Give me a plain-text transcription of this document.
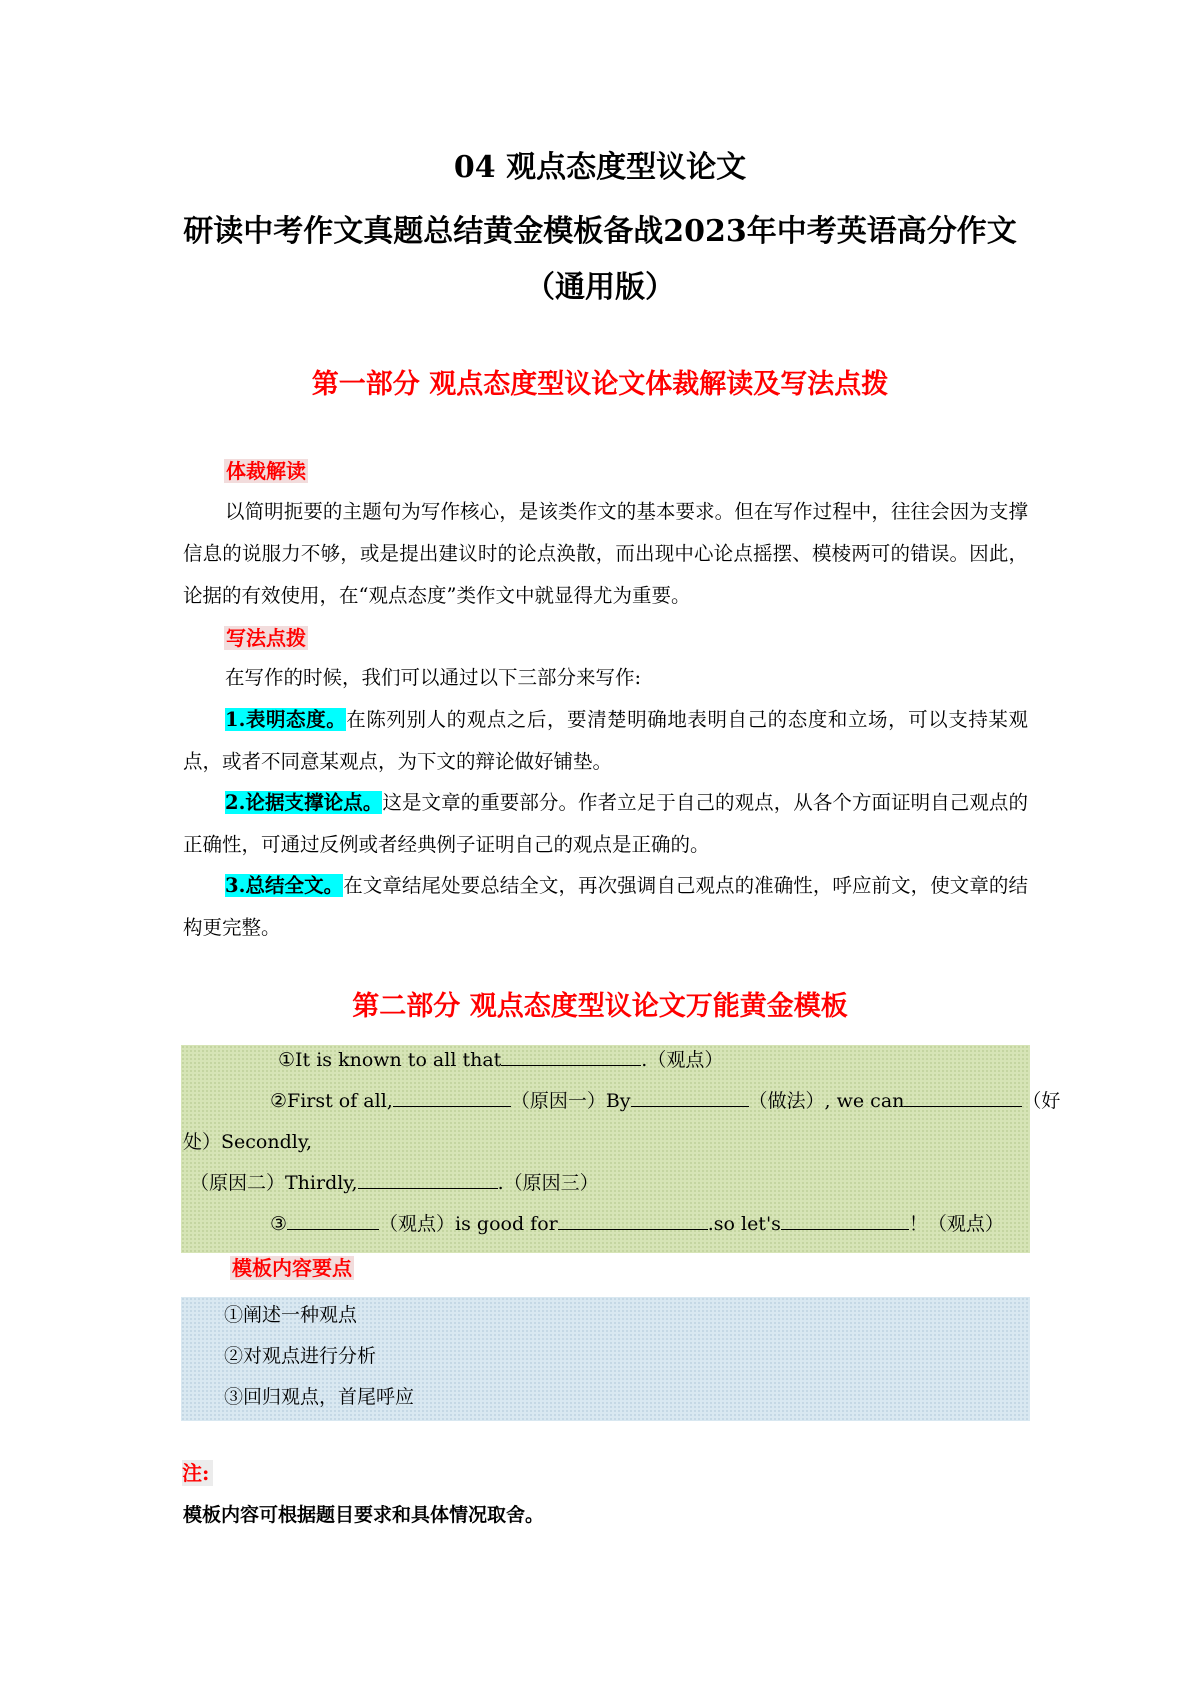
04 观点态度型议论文
研读中考作文真题总结黄金模板备战2023年中考英语高分作文
（通用版）
第一部分 观点态度型议论文体裁解读及写法点拨
体裁解读
以简明扼要的主题句为写作核心，是该类作文的基本要求。但在写作过程中，往往会因为支撑信息的说服力不够，或是提出建议时的论点涣散，而出现中心论点摇摆、模棱两可的错误。因此，论据的有效使用，在“观点态度”类作文中就显得尤为重要。
写法点拨
在写作的时候，我们可以通过以下三部分来写作:
1.表明态度。在陈列别人的观点之后，要清楚明确地表明自己的态度和立场，可以支持某观点，或者不同意某观点，为下文的辩论做好铺垫。
2.论据支撑论点。这是文章的重要部分。作者立足于自己的观点，从各个方面证明自己观点的正确性，可通过反例或者经典例子证明自己的观点是正确的。
3.总结全文。在文章结尾处要总结全文，再次强调自己观点的准确性，呼应前文，使文章的结构更完整。
第二部分 观点态度型议论文万能黄金模板
①It is known to all that	.（观点）
②First of all,	（原因一）By	（做法）, we can	（好
处）Secondly,
（原因二）Thirdly,	.（原因三）
③	（观点）is good for	.so let's	！（观点）
模板内容要点
①阐述一种观点
②对观点进行分析
③回归观点，首尾呼应
注:
模板内容可根据题目要求和具体情况取舍。
